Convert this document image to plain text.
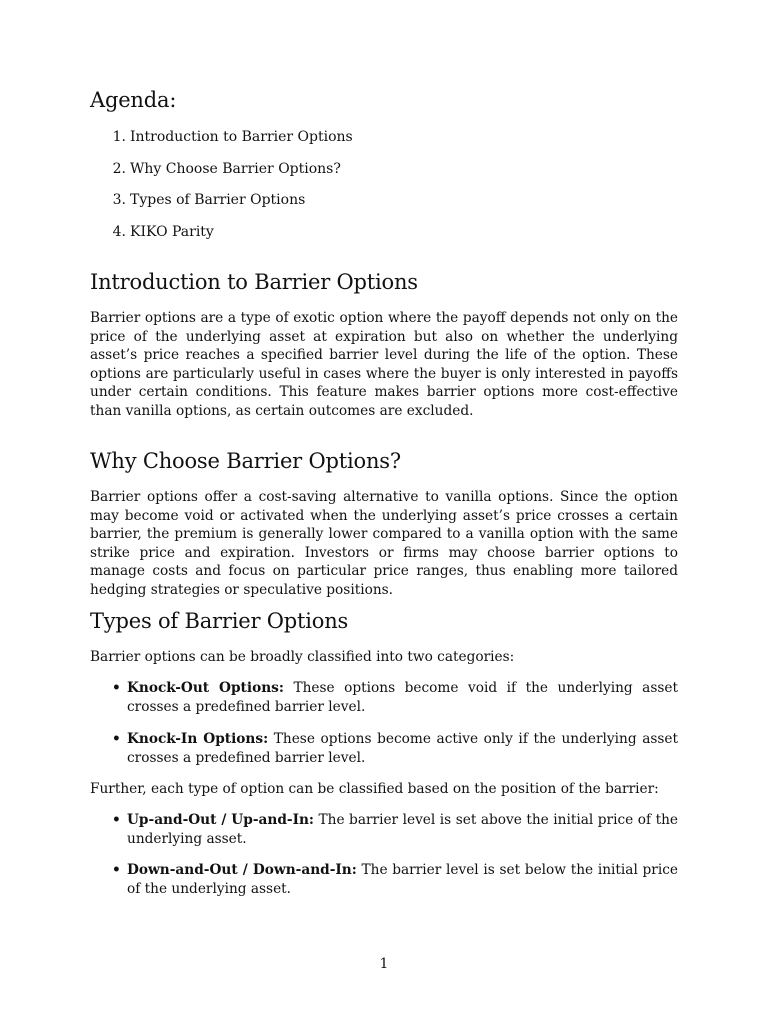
Agenda:
1. Introduction to Barrier Options
2. Why Choose Barrier Options?
3. Types of Barrier Options
4. KIKO Parity
Introduction to Barrier Options

Barrier options are a type of exotic option where the payoff depends not only on the price of the underlying asset at expiration but also on whether the underlying asset’s price reaches a specified barrier level during the life of the option. These options are particularly useful in cases where the buyer is only interested in payoffs under certain conditions. This feature makes barrier options more cost-effective than vanilla options, as certain outcomes are excluded.

Why Choose Barrier Options?

Barrier options offer a cost-saving alternative to vanilla options. Since the option may become void or activated when the underlying asset’s price crosses a certain barrier, the premium is generally lower compared to a vanilla option with the same strike price and expiration. Investors or firms may choose barrier options to manage costs and focus on particular price ranges, thus enabling more tailored hedging strategies or speculative positions.

Types of Barrier Options

Barrier options can be broadly classified into two categories:

• Knock-Out Options: These options become void if the underlying asset crosses a predefined barrier level.
• Knock-In Options: These options become active only if the underlying asset crosses a predefined barrier level.

Further, each type of option can be classified based on the position of the barrier:

• Up-and-Out / Up-and-In: The barrier level is set above the initial price of the underlying asset.
• Down-and-Out / Down-and-In: The barrier level is set below the initial price of the underlying asset.
1
